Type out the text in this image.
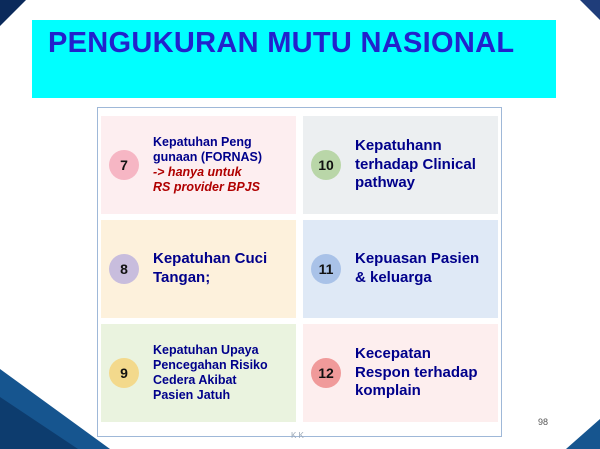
PENGUKURAN MUTU NASIONAL
7
Kepatuhan Peng
gunaan (FORNAS)
-> hanya untuk
RS provider BPJS
10
Kepatuhann
terhadap Clinical
pathway
8
Kepatuhan Cuci
Tangan;	11
Kepuasan Pasien
& keluarga
9
Kepatuhan Upaya
Pencegahan Risiko
Cedera Akibat
Pasien Jatuh
12
Kecepatan
Respon terhadap
komplain
K K
98
